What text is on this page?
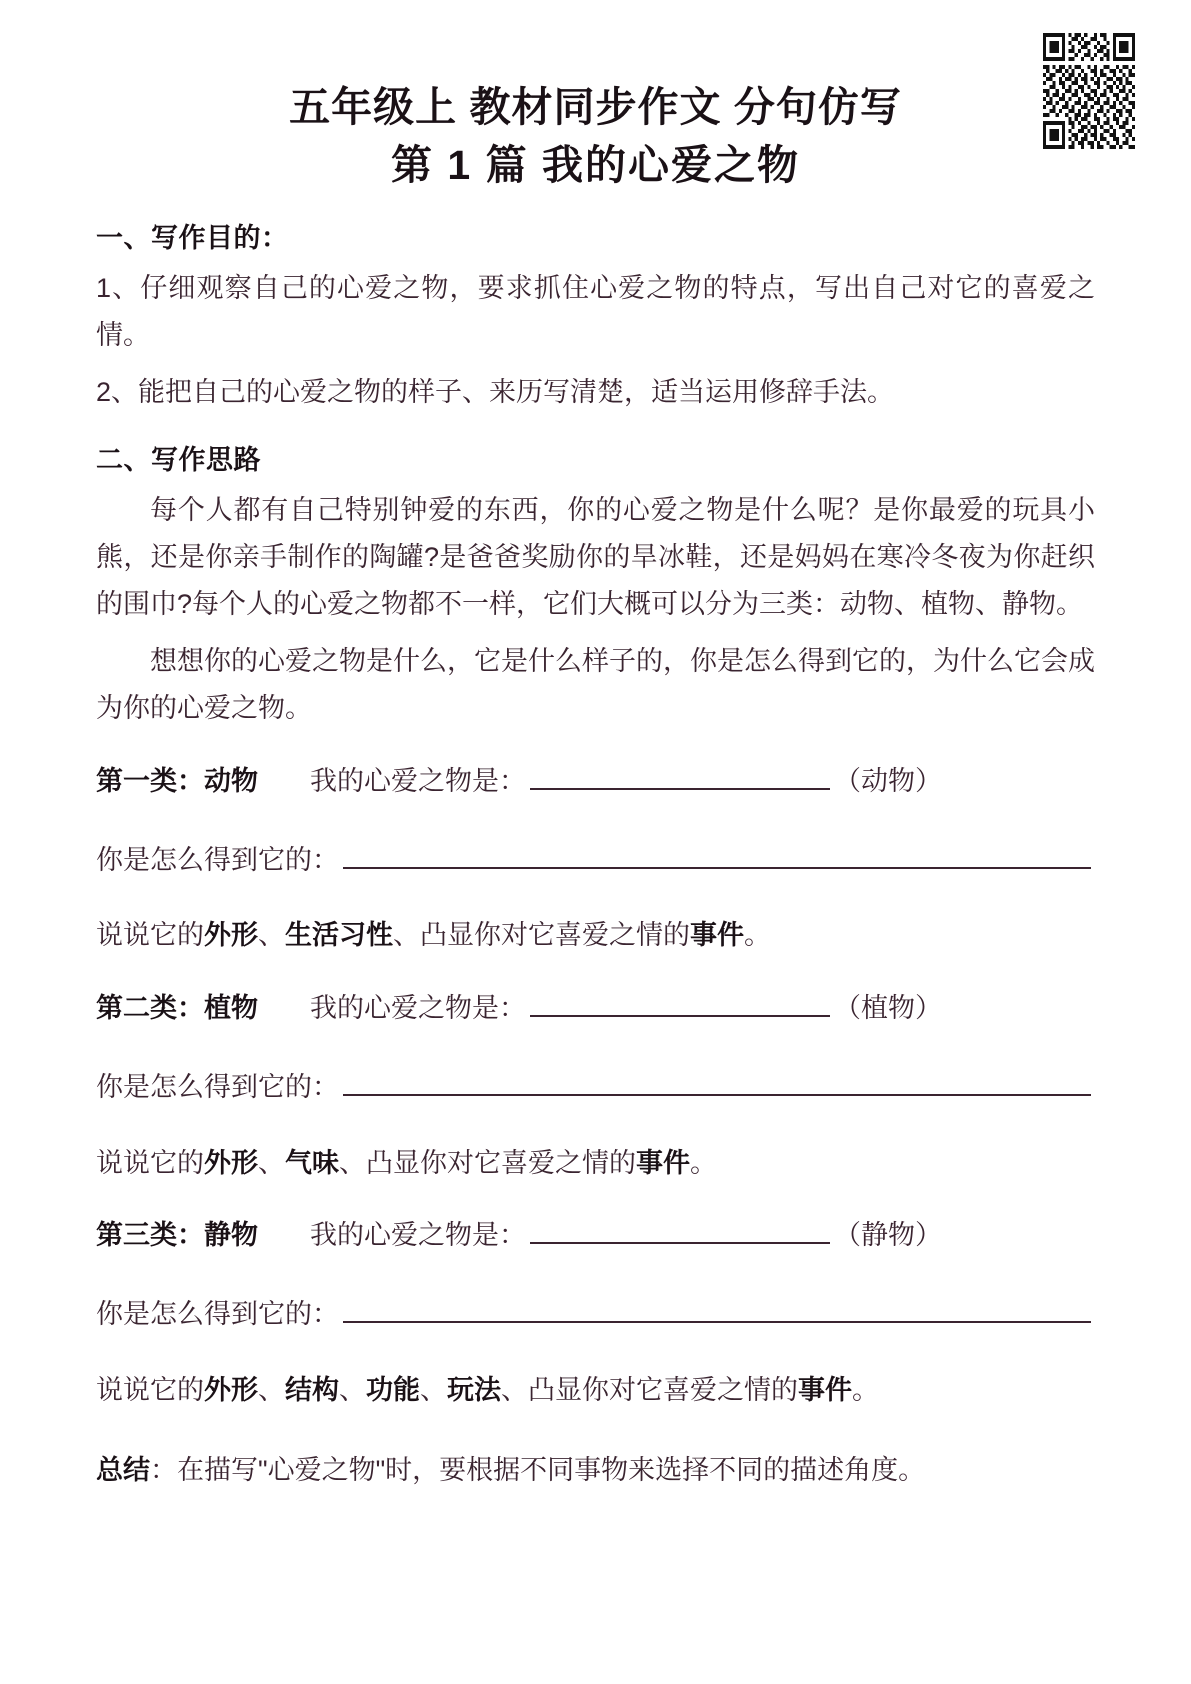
五年级上 教材同步作文 分句仿写
第 1 篇 我的心爱之物
一、写作目的：
1、仔细观察自己的心爱之物，要求抓住心爱之物的特点，写出自己对它的喜爱之情。
2、能把自己的心爱之物的样子、来历写清楚，适当运用修辞手法。
二、写作思路
每个人都有自己特别钟爱的东西，你的心爱之物是什么呢？是你最爱的玩具小熊，还是你亲手制作的陶罐?是爸爸奖励你的旱冰鞋，还是妈妈在寒冷冬夜为你赶织的围巾?每个人的心爱之物都不一样，它们大概可以分为三类：动物、植物、静物。
想想你的心爱之物是什么，它是什么样子的，你是怎么得到它的，为什么它会成为你的心爱之物。
第一类：动物 我的心爱之物是：	（动物）
你是怎么得到它的：
说说它的外形、生活习性、凸显你对它喜爱之情的事件。
第二类：植物 我的心爱之物是：	（植物）
你是怎么得到它的：
说说它的外形、气味、凸显你对它喜爱之情的事件。
第三类：静物 我的心爱之物是：	（静物）
你是怎么得到它的：
说说它的外形、结构、功能、玩法、凸显你对它喜爱之情的事件。
总结：在描写"心爱之物"时，要根据不同事物来选择不同的描述角度。
